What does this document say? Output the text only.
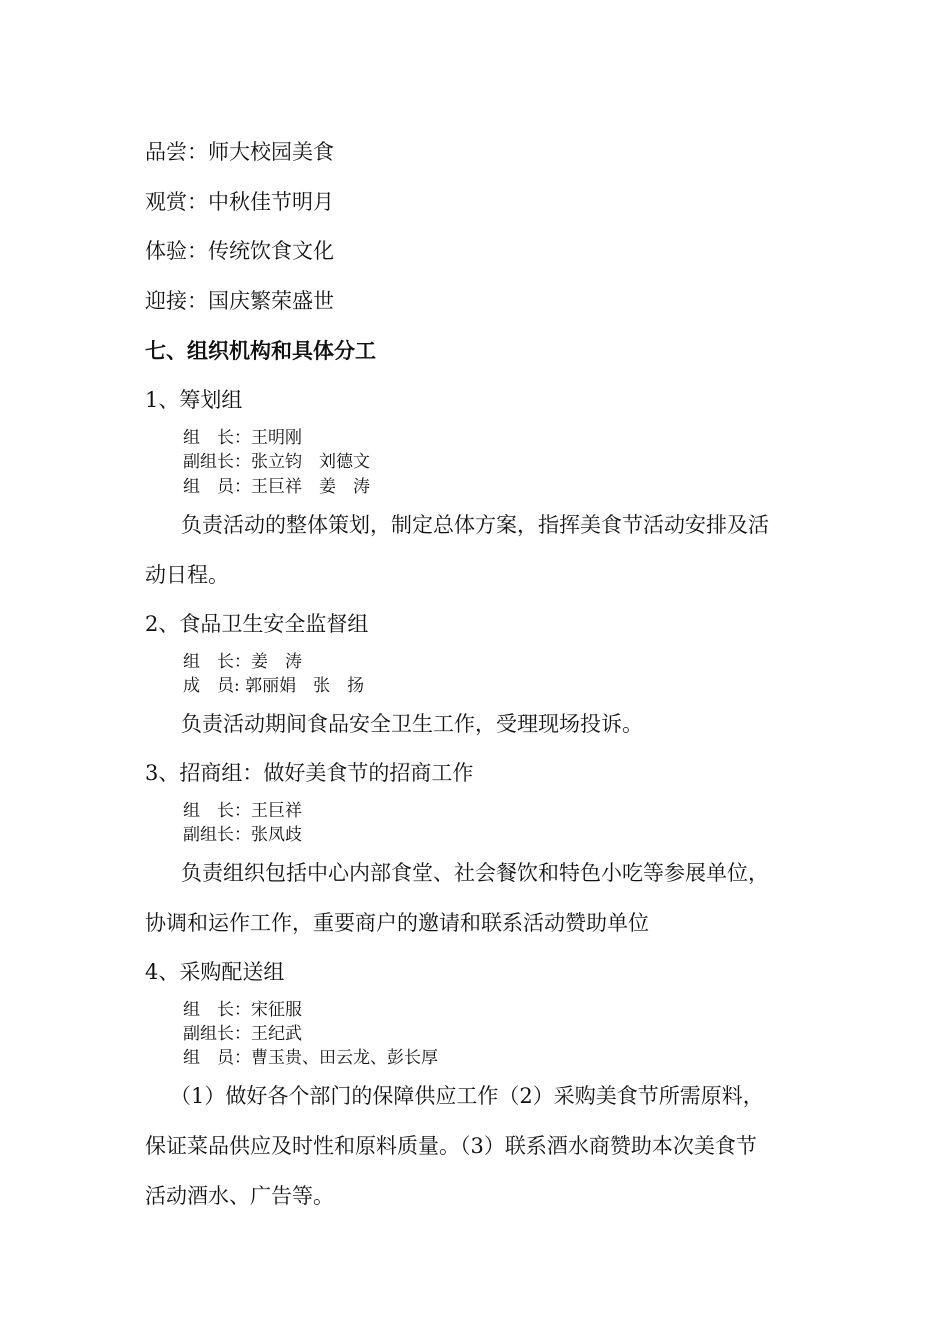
品尝：师大校园美食
观赏：中秋佳节明月
体验：传统饮食文化
迎接：国庆繁荣盛世
七、组织机构和具体分工
1、筹划组
组　长：王明刚
副组长：张立钧　刘德文
组　员：王巨祥　姜　涛
负责活动的整体策划，制定总体方案，指挥美食节活动安排及活
动日程。
2、食品卫生安全监督组
组　长：姜　涛
成　员: 郭丽娟　张　扬
负责活动期间食品安全卫生工作，受理现场投诉。
3、招商组：做好美食节的招商工作
组　长：王巨祥
副组长：张凤歧
负责组织包括中心内部食堂、社会餐饮和特色小吃等参展单位，
协调和运作工作，重要商户的邀请和联系活动赞助单位
4、采购配送组
组　长：宋征服
副组长：王纪武
组　员：曹玉贵、田云龙、彭长厚
（1）做好各个部门的保障供应工作（2）采购美食节所需原料，
保证菜品供应及时性和原料质量。（3）联系酒水商赞助本次美食节
活动酒水、广告等。
